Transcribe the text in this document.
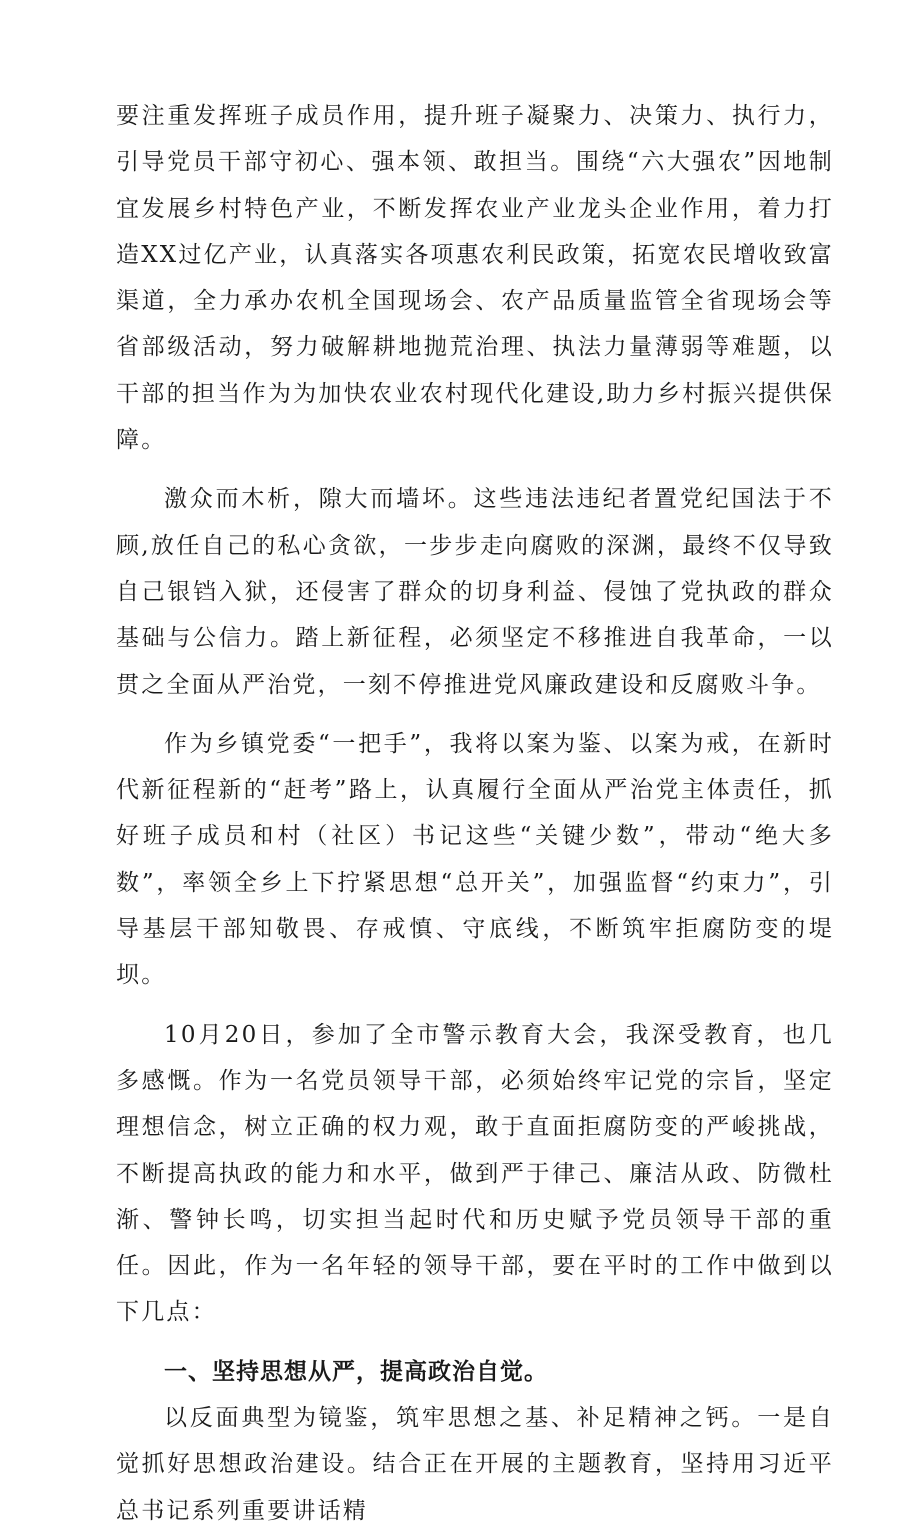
要注重发挥班子成员作用，提升班子凝聚力、决策力、执行力，引导党员干部守初心、强本领、敢担当。围绕“六大强农”因地制宜发展乡村特色产业，不断发挥农业产业龙头企业作用，着力打造XX过亿产业，认真落实各项惠农利民政策，拓宽农民增收致富渠道，全力承办农机全国现场会、农产品质量监管全省现场会等省部级活动，努力破解耕地抛荒治理、执法力量薄弱等难题，以干部的担当作为为加快农业农村现代化建设,助力乡村振兴提供保障。

激众而木析，隙大而墙坏。这些违法违纪者置党纪国法于不顾,放任自己的私心贪欲，一步步走向腐败的深渊，最终不仅导致自己银铛入狱，还侵害了群众的切身利益、侵蚀了党执政的群众基础与公信力。踏上新征程，必须坚定不移推进自我革命，一以贯之全面从严治党，一刻不停推进党风廉政建设和反腐败斗争。

作为乡镇党委“一把手”，我将以案为鉴、以案为戒，在新时代新征程新的“赶考”路上，认真履行全面从严治党主体责任，抓好班子成员和村（社区）书记这些“关键少数”，带动“绝大多数”，率领全乡上下拧紧思想“总开关”，加强监督“约束力”，引导基层干部知敬畏、存戒慎、守底线，不断筑牢拒腐防变的堤坝。

10月20日，参加了全市警示教育大会，我深受教育，也几多感慨。作为一名党员领导干部，必须始终牢记党的宗旨，坚定理想信念，树立正确的权力观，敢于直面拒腐防变的严峻挑战，不断提高执政的能力和水平，做到严于律己、廉洁从政、防微杜渐、警钟长鸣，切实担当起时代和历史赋予党员领导干部的重任。因此，作为一名年轻的领导干部，要在平时的工作中做到以下几点：

一、坚持思想从严，提高政治自觉。

以反面典型为镜鉴，筑牢思想之基、补足精神之钙。一是自觉抓好思想政治建设。结合正在开展的主题教育，坚持用习近平总书记系列重要讲话精
